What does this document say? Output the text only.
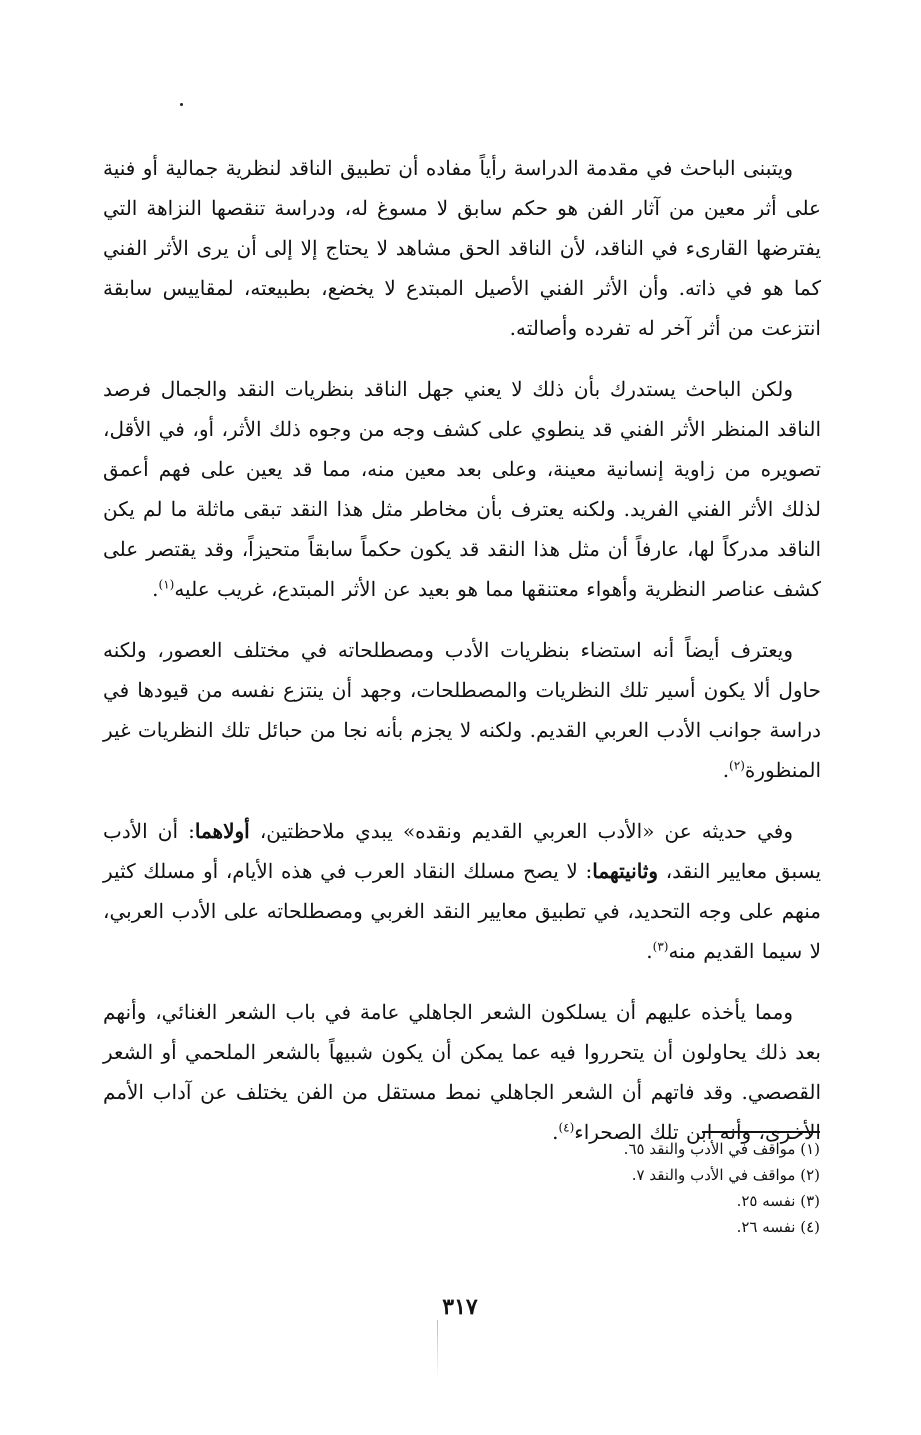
ويتبنى الباحث في مقدمة الدراسة رأياً مفاده أن تطبيق الناقد لنظرية جمالية أو فنية على أثر معين من آثار الفن هو حكم سابق لا مسوغ له، ودراسة تنقصها النزاهة التي يفترضها القارىء في الناقد، لأن الناقد الحق مشاهد لا يحتاج إلا إلى أن يرى الأثر الفني كما هو في ذاته. وأن الأثر الفني الأصيل المبتدع لا يخضع، بطبيعته، لمقاييس سابقة انتزعت من أثر آخر له تفرده وأصالته.

ولكن الباحث يستدرك بأن ذلك لا يعني جهل الناقد بنظريات النقد والجمال فرصد الناقد المنظر الأثر الفني قد ينطوي على كشف وجه من وجوه ذلك الأثر، أو، في الأقل، تصويره من زاوية إنسانية معينة، وعلى بعد معين منه، مما قد يعين على فهم أعمق لذلك الأثر الفني الفريد. ولكنه يعترف بأن مخاطر مثل هذا النقد تبقى ماثلة ما لم يكن الناقد مدركاً لها، عارفاً أن مثل هذا النقد قد يكون حكماً سابقاً متحيزاً، وقد يقتصر على كشف عناصر النظرية وأهواء معتنقها مما هو بعيد عن الأثر المبتدع، غريب عليه$^{(١)}$.

ويعترف أيضاً أنه استضاء بنظريات الأدب ومصطلحاته في مختلف العصور، ولكنه حاول ألا يكون أسير تلك النظريات والمصطلحات، وجهد أن ينتزع نفسه من قيودها في دراسة جوانب الأدب العربي القديم. ولكنه لا يجزم بأنه نجا من حبائل تلك النظريات غير المنظورة$^{(٢)}$.

وفي حديثه عن «الأدب العربي القديم ونقده» يبدي ملاحظتين، أولاهما: أن الأدب يسبق معايير النقد، وثانيتهما: لا يصح مسلك النقاد العرب في هذه الأيام، أو مسلك كثير منهم على وجه التحديد، في تطبيق معايير النقد الغربي ومصطلحاته على الأدب العربي، لا سيما القديم منه$^{(٣)}$.

ومما يأخذه عليهم أن يسلكون الشعر الجاهلي عامة في باب الشعر الغنائي، وأنهم بعد ذلك يحاولون أن يتحرروا فيه عما يمكن أن يكون شبيهاً بالشعر الملحمي أو الشعر القصصي. وقد فاتهم أن الشعر الجاهلي نمط مستقل من الفن يختلف عن آداب الأمم الأخرى، وأنه ابن تلك الصحراء$^{(٤)}$.

(١) مواقف في الأدب والنقد ٦٥.

(٢) مواقف في الأدب والنقد ٧.

(٣) نفسه ٢٥.

(٤) نفسه ٢٦.

٣١٧
